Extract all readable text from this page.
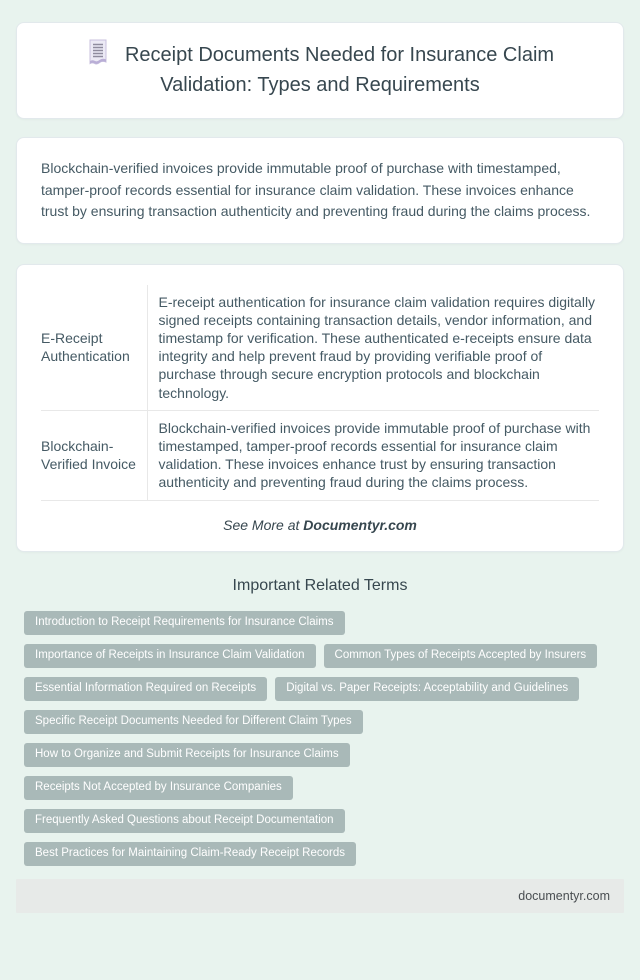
Receipt Documents Needed for Insurance Claim Validation: Types and Requirements

Blockchain-verified invoices provide immutable proof of purchase with timestamped, tamper-proof records essential for insurance claim validation. These invoices enhance trust by ensuring transaction authenticity and preventing fraud during the claims process.

E-Receipt Authentication	E-receipt authentication for insurance claim validation requires digitally signed receipts containing transaction details, vendor information, and timestamp for verification. These authenticated e-receipts ensure data integrity and help prevent fraud by providing verifiable proof of purchase through secure encryption protocols and blockchain technology.
Blockchain-Verified Invoice	Blockchain-verified invoices provide immutable proof of purchase with timestamped, tamper-proof records essential for insurance claim validation. These invoices enhance trust by ensuring transaction authenticity and preventing fraud during the claims process.
See More at Documentyr.com
Important Related Terms
Introduction to Receipt Requirements for Insurance Claims
Importance of Receipts in Insurance Claim Validation	Common Types of Receipts Accepted by Insurers
Essential Information Required on Receipts	Digital vs. Paper Receipts: Acceptability and Guidelines
Specific Receipt Documents Needed for Different Claim Types
How to Organize and Submit Receipts for Insurance Claims
Receipts Not Accepted by Insurance Companies
Frequently Asked Questions about Receipt Documentation
Best Practices for Maintaining Claim-Ready Receipt Records
documentyr.com
